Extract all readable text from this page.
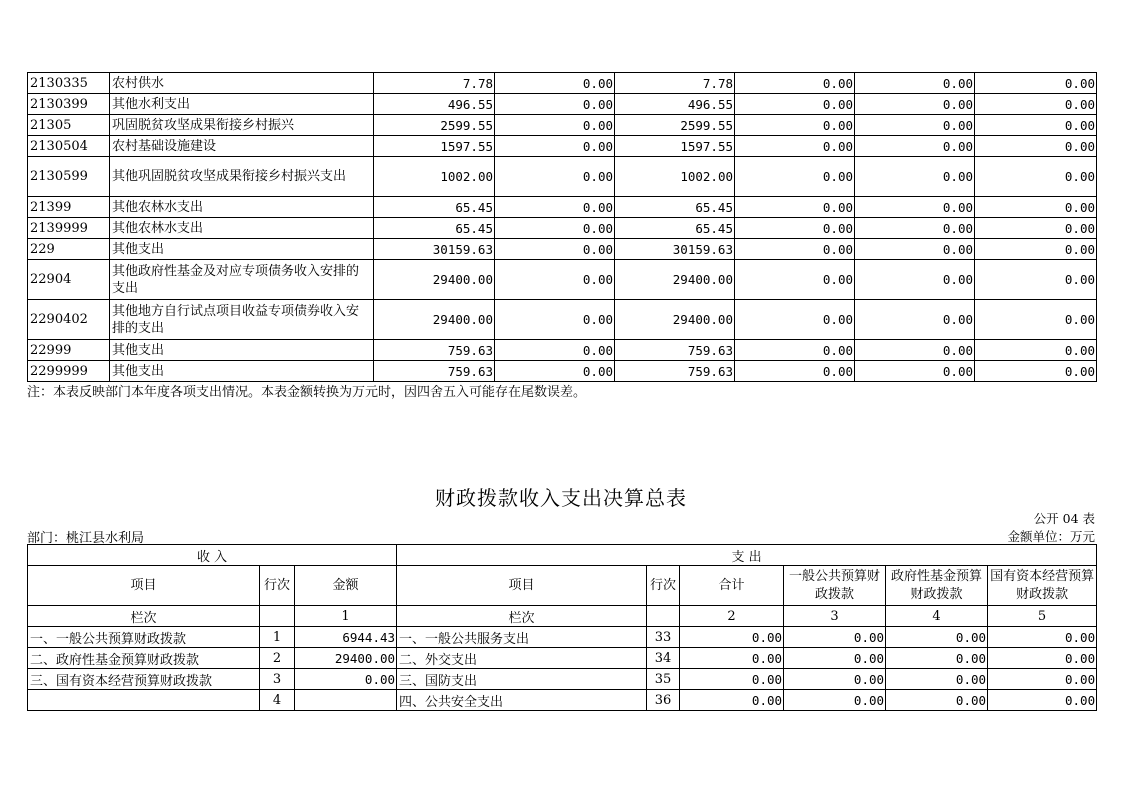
2130335	农村供水	7.78	0.00	7.78	0.00	0.00	0.00
2130399	其他水利支出	496.55	0.00	496.55	0.00	0.00	0.00
21305	巩固脱贫攻坚成果衔接乡村振兴	2599.55	0.00	2599.55	0.00	0.00	0.00
2130504	农村基础设施建设	1597.55	0.00	1597.55	0.00	0.00	0.00
2130599	其他巩固脱贫攻坚成果衔接乡村振兴支出	1002.00	0.00	1002.00	0.00	0.00	0.00
21399	其他农林水支出	65.45	0.00	65.45	0.00	0.00	0.00
2139999	其他农林水支出	65.45	0.00	65.45	0.00	0.00	0.00
229	其他支出	30159.63	0.00	30159.63	0.00	0.00	0.00
22904	其他政府性基金及对应专项债务收入安排的支出	29400.00	0.00	29400.00	0.00	0.00	0.00
2290402	其他地方自行试点项目收益专项债券收入安排的支出	29400.00	0.00	29400.00	0.00	0.00	0.00
22999	其他支出	759.63	0.00	759.63	0.00	0.00	0.00
2299999	其他支出	759.63	0.00	759.63	0.00	0.00	0.00
注：本表反映部门本年度各项支出情况。本表金额转换为万元时，因四舍五入可能存在尾数误差。
财政拨款收入支出决算总表
公开 04 表
部门：桃江县水利局	金额单位：万元
收 入			支 出					
项目	行次	金额	项目	行次	合计	一般公共预算财政拨款	政府性基金预算财政拨款	国有资本经营预算财政拨款
栏次		1	栏次		2	3	4	5
一、一般公共预算财政拨款	1	6944.43	一、一般公共服务支出	33	0.00	0.00	0.00	0.00
二、政府性基金预算财政拨款	2	29400.00	二、外交支出	34	0.00	0.00	0.00	0.00
三、国有资本经营预算财政拨款	3	0.00	三、国防支出	35	0.00	0.00	0.00	0.00
	4		四、公共安全支出	36	0.00	0.00	0.00	0.00
